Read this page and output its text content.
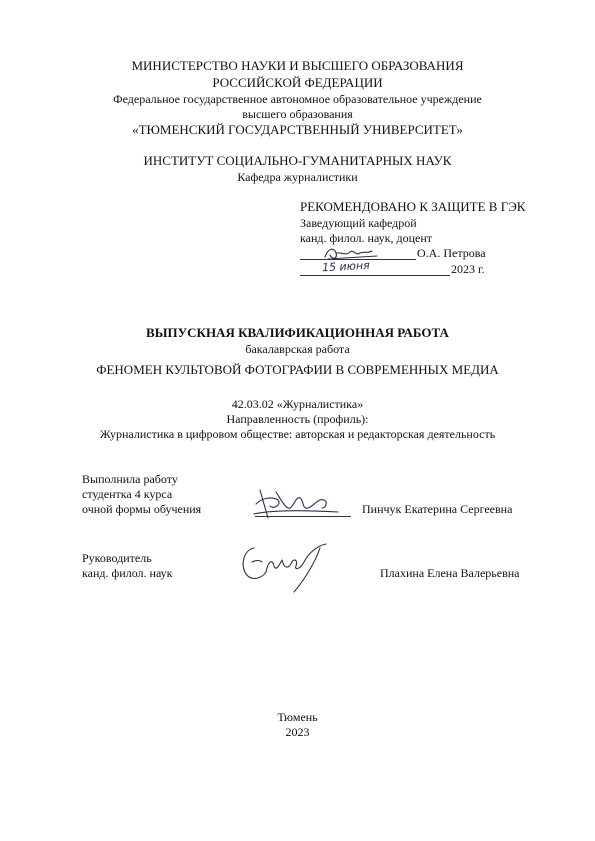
МИНИСТЕРСТВО НАУКИ И ВЫСШЕГО ОБРАЗОВАНИЯ
РОССИЙСКОЙ ФЕДЕРАЦИИ
Федеральное государственное автономное образовательное учреждение
высшего образования
«ТЮМЕНСКИЙ ГОСУДАРСТВЕННЫЙ УНИВЕРСИТЕТ»
ИНСТИТУТ СОЦИАЛЬНО-ГУМАНИТАРНЫХ НАУК
Кафедра журналистики
РЕКОМЕНДОВАНО К ЗАЩИТЕ В ГЭК
Заведующий кафедрой
канд. филол. наук, доцент
О.А. Петрова
15 июня	2023 г.
ВЫПУСКНАЯ КВАЛИФИКАЦИОННАЯ РАБОТА
бакалаврская работа
ФЕНОМЕН КУЛЬТОВОЙ ФОТОГРАФИИ В СОВРЕМЕННЫХ МЕДИА
42.03.02 «Журналистика»
Направленность (профиль):
Журналистика в цифровом обществе: авторская и редакторская деятельность
Выполнила работу
студентка 4 курса
очной формы обучения	Пинчук Екатерина Сергеевна
Руководитель
канд. филол. наук	Плахина Елена Валерьевна
Тюмень
2023
